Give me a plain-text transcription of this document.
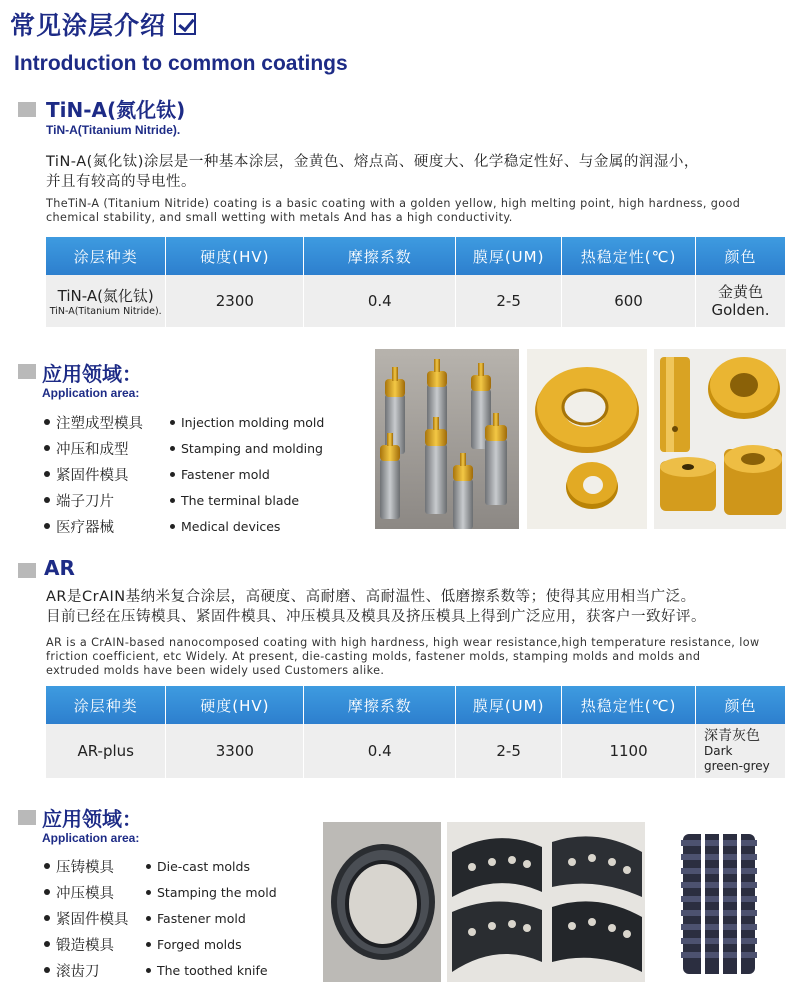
常见涂层介绍
Introduction to common coatings
TiN-A(氮化钛)
TiN-A(Titanium Nitride).
TiN-A(氮化钛)涂层是一种基本涂层，金黄色、熔点高、硬度大、化学稳定性好、与金属的润湿小，
并且有较高的导电性。
TheTiN-A (Titanium Nitride) coating is a basic coating with a golden yellow, high melting point, high hardness, good
chemical stability, and small wetting with metals And has a high conductivity.
涂层种类	硬度(HV)	摩擦系数	膜厚(UM)	热稳定性(℃)	颜色
TiN-A(氮化钛)
TiN-A(Titanium Nitride).	2300	0.4	2-5	600	金黄色
Golden.
应用领域：
Application area:
注塑成型模具
冲压和成型
紧固件模具
端子刀片
医疗器械
Injection molding mold
Stamping and molding
Fastener mold
The terminal blade
Medical devices
AR
AR是CrAIN基纳米复合涂层，高硬度、高耐磨、高耐温性、低磨擦系数等；使得其应用相当广泛。
目前已经在压铸模具、紧固件模具、冲压模具及模具及挤压模具上得到广泛应用，获客户一致好评。
AR is a CrAIN-based nanocomposed coating with high hardness, high wear resistance,high temperature resistance, low
friction coefficient, etc Widely. At present, die-casting molds, fastener molds, stamping molds and molds and
extruded molds have been widely used Customers alike.
涂层种类	硬度(HV)	摩擦系数	膜厚(UM)	热稳定性(℃)	颜色
AR-plus	3300	0.4	2-5	1100	深青灰色
Dark
green-grey
应用领域：
Application area:
压铸模具
冲压模具
紧固件模具
锻造模具
滚齿刀
Die-cast molds
Stamping the mold
Fastener mold
Forged molds
The toothed knife
